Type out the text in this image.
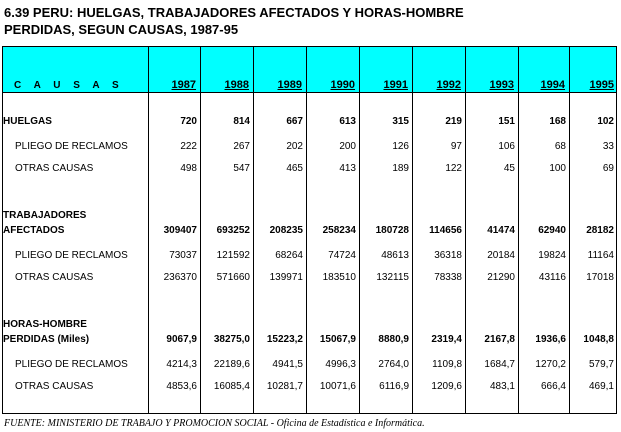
6.39 PERU: HUELGAS, TRABAJADORES AFECTADOS Y HORAS-HOMBRE
PERDIDAS, SEGUN CAUSAS, 1987-95
C A U S A S	1987	1988	1989	1990	1991	1992	1993 1994 1995
HUELGAS	720	814	667	613	315	219	151	168	102
PLIEGO DE RECLAMOS	222	267	202	200	126	97	106	68	33
OTRAS CAUSAS	498	547	465	413	189	122	45	100	69
TRABAJADORES
AFECTADOS	309407 693252 208235 258234 180728 114656	41474 62940 28182
PLIEGO DE RECLAMOS	73037 121592	68264	74724	48613	36318	20184 19824 11164
OTRAS CAUSAS	236370 571660 139971 183510 132115	78338	21290 43116 17018
HORAS-HOMBRE
PERDIDAS (Miles)	9067,9 38275,0 15223,2 15067,9 8880,9 2319,4 2167,8 1936,6 1048,8
PLIEGO DE RECLAMOS	4214,3 22189,6 4941,5 4996,3 2764,0 1109,8 1684,7 1270,2 579,7
OTRAS CAUSAS	4853,6 16085,4 10281,7 10071,6 6116,9 1209,6	483,1	666,4 469,1
FUENTE: MINISTERIO DE TRABAJO Y PROMOCION SOCIAL - Oficina de Estadística e Informática.
